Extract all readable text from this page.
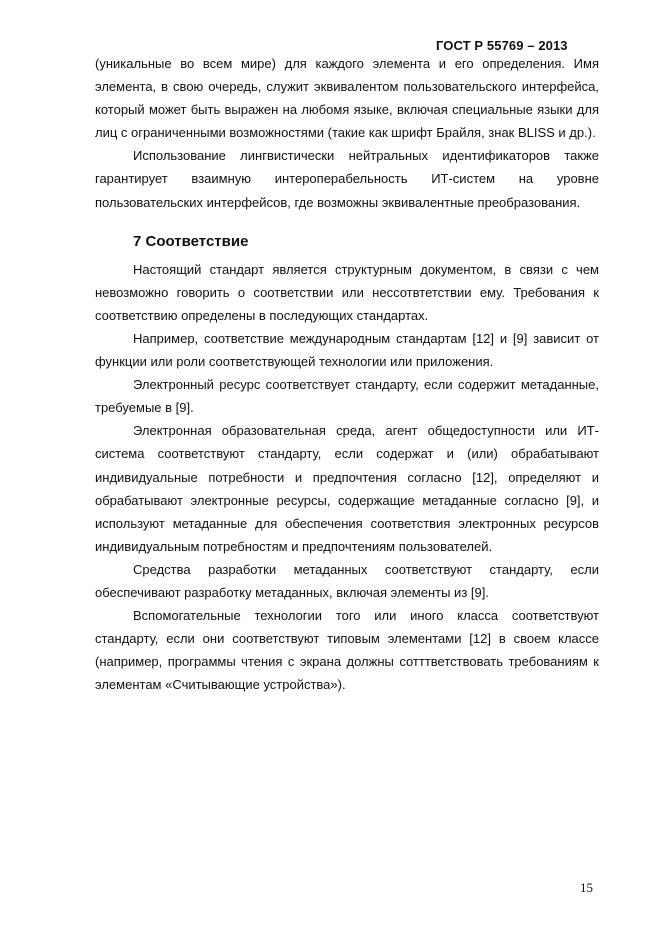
ГОСТ Р 55769 – 2013

(уникальные во всем мире) для каждого элемента и его определения. Имя элемента, в свою очередь, служит эквивалентом пользовательского интерфейса, который может быть выражен на любомя языке, включая специальные языки для лиц с ограниченными возможностями (такие как шрифт Брайля, знак BLISS и др.).

Использование лингвистически нейтральных идентификаторов также гарантирует взаимную интероперабельность ИТ-систем на уровне пользовательских интерфейсов, где возможны эквивалентные преобразования.

7 Соответствие

Настоящий стандарт является структурным документом, в связи с чем невозможно говорить о соответствии или нессотвтетствии ему. Требования к соответствию определены в последующих стандартах.

Например, соответствие международным стандартам [12] и [9] зависит от функции или роли соответствующей технологии или приложения.

Электронный ресурс соответствует стандарту, если содержит метаданные, требуемые в [9].

Электронная образовательная среда, агент общедоступности или ИТ-система соответствуют стандарту, если содержат и (или) обрабатывают индивидуальные потребности и предпочтения согласно [12], определяют и обрабатывают электронные ресурсы, содержащие метаданные согласно [9], и используют метаданные для обеспечения соответствия электронных ресурсов индивидуальным потребностям и предпочтениям пользователей.

Средства разработки метаданных соответствуют стандарту, если обеспечивают разработку метаданных, включая элементы из [9].

Вспомогательные технологии того или иного класса соответствуют стандарту, если они соответствуют типовым элементами [12] в своем классе (например, программы чтения с экрана должны сотттветствовать требованиям к элементам «Считывающие устройства»).

15
